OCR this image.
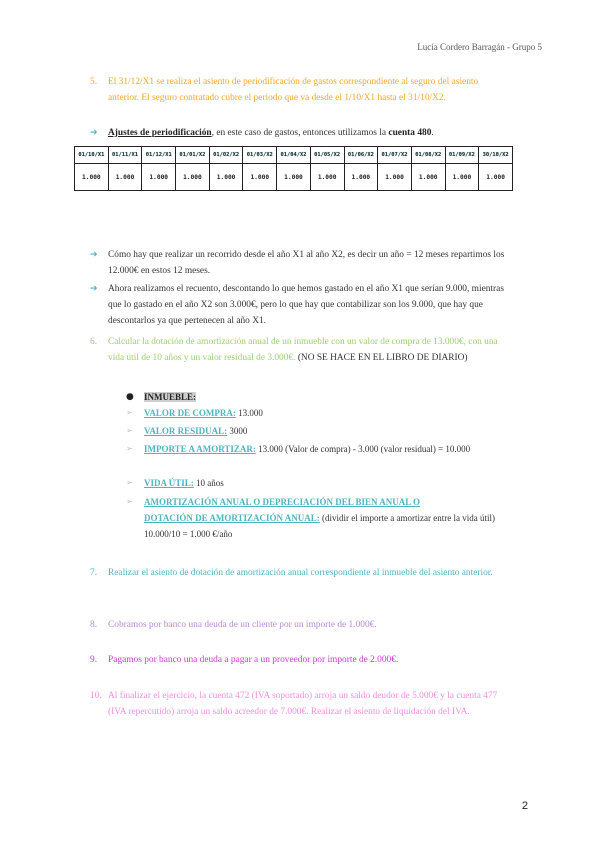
Lucía Cordero Barragán - Grupo 5
5.	El 31/12/X1 se realiza el asiento de periodificación de gastos correspondiente al seguro del asiento anterior. El seguro contratado cubre el periodo que va desde el 1/10/X1 hasta el 31/10/X2.
➔ Ajustes de periodificación, en este caso de gastos, entonces utilizamos la cuenta 480.
01/10/X1	01/11/X1	01/12/X1	01/01/X2	01/02/X2	01/03/X2	01/04/X2	01/05/X2	01/06/X2	01/07/X2	01/08/X2	01/09/X2	30/10/X2
1.000	1.000	1.000	1.000	1.000	1.000	1.000	1.000	1.000	1.000	1.000	1.000	1.000
➔ Cómo hay que realizar un recorrido desde el año X1 al año X2, es decir un año = 12 meses repartimos los 12.000€ en estos 12 meses.
➔ Ahora realizamos el recuento, descontando lo que hemos gastado en el año X1 que serían 9.000, mientras que lo gastado en el año X2 son 3.000€, pero lo que hay que contabilizar son los 9.000, que hay que descontarlos ya que pertenecen al año X1.
6.	Calcular la dotación de amortización anual de un inmueble con un valor de compra de 13.000€, con una vida útil de 10 años y un valor residual de 3.000€. (NO SE HACE EN EL LIBRO DE DIARIO)
● INMUEBLE:
➢ VALOR DE COMPRA: 13.000
➢ VALOR RESIDUAL: 3000
➢ IMPORTE A AMORTIZAR: 13.000 (Valor de compra) - 3.000 (valor residual) = 10.000
➢ VIDA ÚTIL: 10 años
➢ AMORTIZACIÓN ANUAL O DEPRECIACIÓN DEL BIEN ANUAL O
DOTACIÓN DE AMORTIZACIÓN ANUAL: (dividir el importe a amortizar entre la vida útil) 10.000/10 = 1.000 €/año
7.	Realizar el asiento de dotación de amortización anual correspondiente al inmueble del asiento anterior.
8.	Cobramos por banco una deuda de un cliente por un importe de 1.000€.
9.	Pagamos por banco una deuda a pagar a un proveedor por importe de 2.000€.
10. Al finalizar el ejercicio, la cuenta 472 (IVA soportado) arroja un saldo deudor de 5.000€ y la cuenta 477 (IVA repercutido) arroja un saldo acreedor de 7.000€. Realizar el asiento de liquidación del IVA.
2
